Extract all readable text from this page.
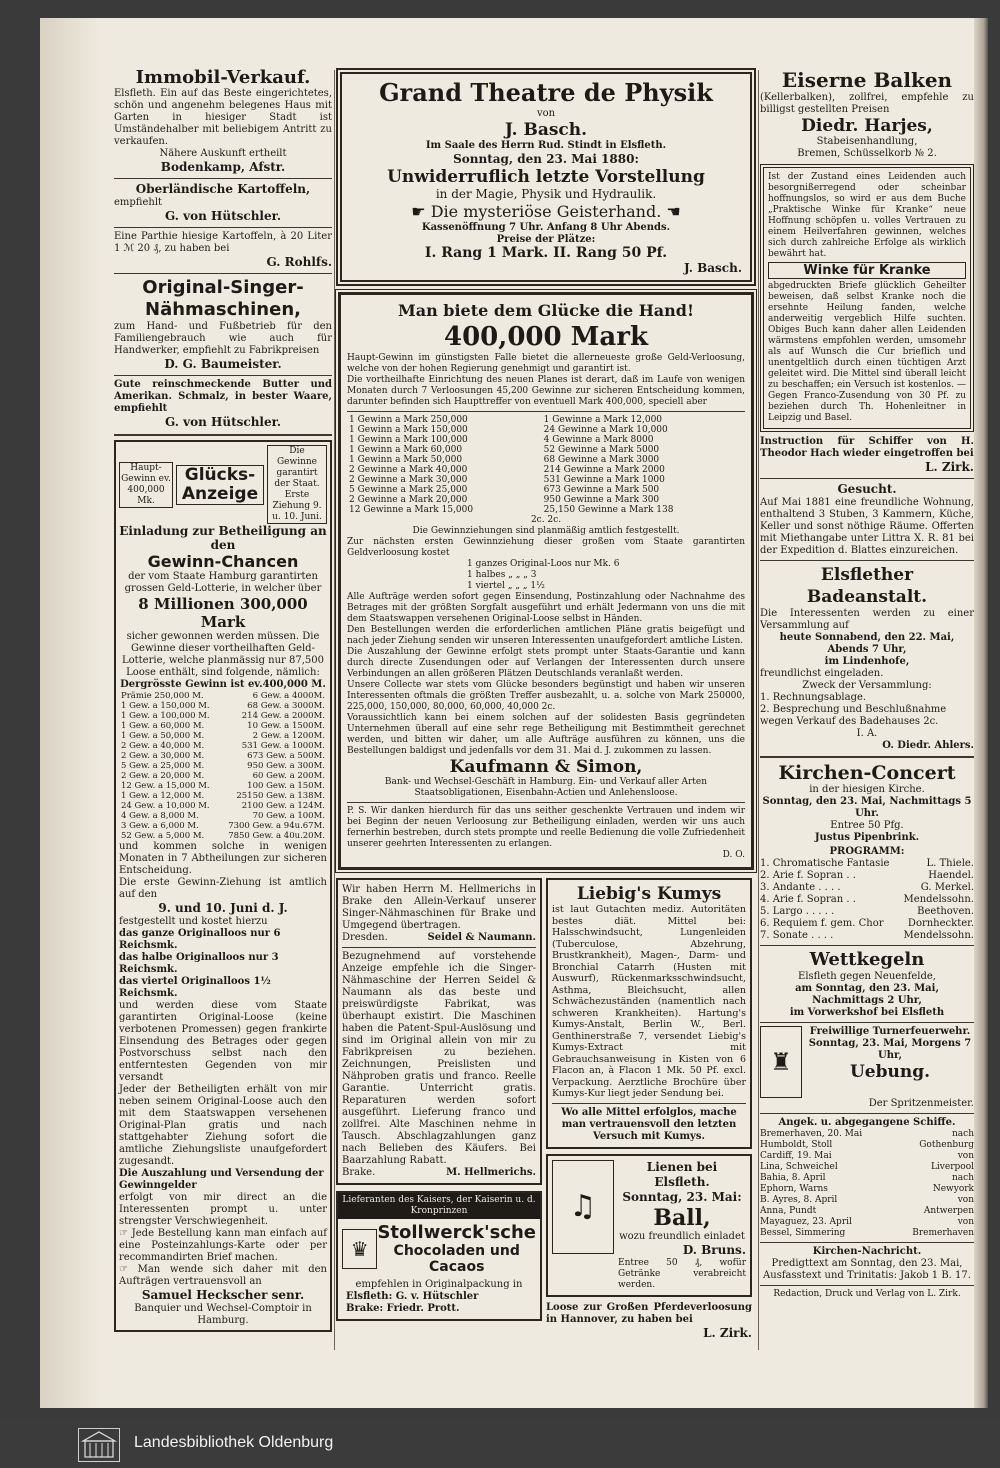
Immobil-Verkauf.
Elsfleth. Ein auf das Beste eingerichtetes, schön und angenehm belegenes Haus mit Garten in hiesiger Stadt ist Umständehalber mit beliebigem Antritt zu verkaufen.
Nähere Auskunft ertheilt
Bodenkamp, Afstr.
Oberländische Kartoffeln,
empfiehlt
G. von Hütschler.
Eine Parthie hiesige Kartoffeln, à 20 Liter 1 ℳ 20 ₰, zu haben bei
G. Rohlfs.
Original-Singer-Nähmaschinen,
zum Hand- und Fußbetrieb für den Familiengebrauch wie auch für Handwerker, empfiehlt zu Fabrikpreisen
D. G. Baumeister.
Gute reinschmeckende Butter und Amerikan. Schmalz, in bester Waare, empfiehlt
G. von Hütschler.
Haupt-Gewinn ev. 400,000 Mk.
Glücks-Anzeige
Die Gewinne garantirt der Staat. Erste Ziehung 9. u. 10. Juni.
Einladung zur Betheiligung an den
Gewinn-Chancen
der vom Staate Hamburg garantirten grossen Geld-Lotterie, in welcher über
8 Millionen 300,000 Mark
sicher gewonnen werden müssen. Die Gewinne dieser vortheilhaften Geld-Lotterie, welche planmässig nur 87,500 Loose enthält, sind folgende, nämlich:
Dergrösste Gewinn ist ev.400,000 M.
Prämie 250,000 M.	6 Gew. a 4000M.
1 Gew. a 150,000 M.	68 Gew. a 3000M.
1 Gew. a 100,000 M.	214 Gew. a 2000M.
1 Gew. a 60,000 M.	10 Gew. a 1500M.
1 Gew. a 50,000 M.	2 Gew. a 1200M.
2 Gew. a 40,000 M.	531 Gew. a 1000M.
2 Gew. a 30,000 M.	673 Gew. a 500M.
5 Gew. a 25,000 M.	950 Gew. a 300M.
2 Gew. a 20,000 M.	60 Gew. a 200M.
12 Gew. a 15,000 M.	100 Gew. a 150M.
1 Gew. a 12,000 M.	25150 Gew. a 138M.
24 Gew. a 10,000 M.	2100 Gew. a 124M.
4 Gew. a 8,000 M.	70 Gew. a 100M.
3 Gew. a 6,000 M.	7300 Gew. a 94u.67M.
52 Gew. a 5,000 M.	7850 Gew. a 40u.20M.
und kommen solche in wenigen Monaten in 7 Abtheilungen zur sicheren Entscheidung.
Die erste Gewinn-Ziehung ist amtlich auf den
9. und 10. Juni d. J.
festgestellt und kostet hierzu
das ganze Originalloos nur 6 Reichsmk.
das halbe Originalloos nur 3 Reichsmk.
das viertel Originalloos 1½ Reichsmk.
und werden diese vom Staate garantirten Original-Loose (keine verbotenen Promessen) gegen frankirte Einsendung des Betrages oder gegen Postvorschuss selbst nach den entferntesten Gegenden von mir versandt
Jeder der Betheiligten erhält von mir neben seinem Original-Loose auch den mit dem Staatswappen versehenen Original-Plan gratis und nach stattgehabter Ziehung sofort die amtliche Ziehungsliste unaufgefordert zugesandt.
Die Auszahlung und Versendung der Gewinngelder
erfolgt von mir direct an die Interessenten prompt u. unter strengster Verschwiegenheit.
☞ Jede Bestellung kann man einfach auf eine Posteinzahlungs-Karte oder per recommandirten Brief machen.
☞ Man wende sich daher mit den Aufträgen vertrauensvoll an
Samuel Heckscher senr.
Banquier und Wechsel-Comptoir in Hamburg.
Grand Theatre de Physik
von
J. Basch.
Im Saale des Herrn Rud. Stindt in Elsfleth.
Sonntag, den 23. Mai 1880:
Unwiderruflich letzte Vorstellung
in der Magie, Physik und Hydraulik.
☛ Die mysteriöse Geisterhand. ☚
Kassenöffnung 7 Uhr. Anfang 8 Uhr Abends.
Preise der Plätze:
I. Rang 1 Mark. II. Rang 50 Pf.
J. Basch.
Man biete dem Glücke die Hand!
400,000 Mark
Haupt-Gewinn im günstigsten Falle bietet die allerneueste große Geld-Verloosung, welche von der hohen Regierung genehmigt und garantirt ist.
Die vortheilhafte Einrichtung des neuen Planes ist derart, daß im Laufe von wenigen Monaten durch 7 Verloosungen 45,200 Gewinne zur sicheren Entscheidung kommen, darunter befinden sich Haupttreffer von eventuell Mark 400,000, speciell aber
1 Gewinn a Mark 250,000	1 Gewinne a Mark 12,000
1 Gewinn a Mark 150,000	24 Gewinne a Mark 10,000
1 Gewinn a Mark 100,000	4 Gewinne a Mark 8000
1 Gewinn a Mark 60,000	52 Gewinne a Mark 5000
1 Gewinn a Mark 50,000	68 Gewinne a Mark 3000
2 Gewinne a Mark 40,000	214 Gewinne a Mark 2000
2 Gewinne a Mark 30,000	531 Gewinne a Mark 1000
5 Gewinne a Mark 25,000	673 Gewinne a Mark 500
2 Gewinne a Mark 20,000	950 Gewinne a Mark 300
12 Gewinne a Mark 15,000	25,150 Gewinne a Mark 138
2c. 2c.
Die Gewinnziehungen sind planmäßig amtlich festgestellt.
Zur nächsten ersten Gewinnziehung dieser großen vom Staate garantirten Geldverloosung kostet
1 ganzes Original-Loos nur Mk. 6
1 halbes „ „ „ 3
1 viertel „ „ „ 1½
Alle Aufträge werden sofort gegen Einsendung, Postinzahlung oder Nachnahme des Betrages mit der größten Sorgfalt ausgeführt und erhält Jedermann von uns die mit dem Staatswappen versehenen Original-Loose selbst in Händen.
Den Bestellungen werden die erforderlichen amtlichen Pläne gratis beigefügt und nach jeder Ziehung senden wir unseren Interessenten unaufgefordert amtliche Listen.
Die Auszahlung der Gewinne erfolgt stets prompt unter Staats-Garantie und kann durch directe Zusendungen oder auf Verlangen der Interessenten durch unsere Verbindungen an allen größeren Plätzen Deutschlands veranlaßt werden.
Unsere Collecte war stets vom Glücke besonders begünstigt und haben wir unseren Interessenten oftmals die größten Treffer ausbezahlt, u. a. solche von Mark 250000, 225,000, 150,000, 80,000, 60,000, 40,000 2c.
Voraussichtlich kann bei einem solchen auf der solidesten Basis gegründeten Unternehmen überall auf eine sehr rege Betheiligung mit Bestimmtheit gerechnet werden, und bitten wir daher, um alle Aufträge ausführen zu können, uns die Bestellungen baldigst und jedenfalls vor dem 31. Mai d. J. zukommen zu lassen.
Kaufmann & Simon,
Bank- und Wechsel-Geschäft in Hamburg. Ein- und Verkauf aller Arten Staatsobligationen, Eisenbahn-Actien und Anlehensloose.
P. S. Wir danken hierdurch für das uns seither geschenkte Vertrauen und indem wir bei Beginn der neuen Verloosung zur Betheiligung einladen, werden wir uns auch fernerhin bestreben, durch stets prompte und reelle Bedienung die volle Zufriedenheit unserer geehrten Interessenten zu erlangen.
D. O.
Wir haben Herrn M. Hellmerichs in Brake den Allein-Verkauf unserer Singer-Nähmaschinen für Brake und Umgegend übertragen.
Dresden.	Seidel & Naumann.
Bezugnehmend auf vorstehende Anzeige empfehle ich die Singer-Nähmaschine der Herren Seidel & Naumann als das beste und preiswürdigste Fabrikat, was überhaupt existirt. Die Maschinen haben die Patent-Spul-Auslösung und sind im Original allein von mir zu Fabrikpreisen zu beziehen. Zeichnungen, Preislisten und Nähproben gratis und franco. Reelle Garantie. Unterricht gratis. Reparaturen werden sofort ausgeführt. Lieferung franco und zollfrei. Alte Maschinen nehme in Tausch. Abschlagzahlungen ganz nach Belieben des Käufers. Bei Baarzahlung Rabatt.
Brake.	M. Hellmerichs.
Lieferanten des Kaisers, der Kaiserin u. d. Kronprinzen
♛
Stollwerck'sche
Chocoladen und Cacaos
empfehlen in Originalpackung in
Elsfleth: G. v. Hütschler
Brake: Friedr. Prott.
Liebig's Kumys
ist laut Gutachten mediz. Autoritäten bestes diät. Mittel bei: Halsschwindsucht, Lungenleiden (Tuberculose, Abzehrung, Brustkrankheit), Magen-, Darm- und Bronchial Catarrh (Husten mit Auswurf), Rückenmarksschwindsucht, Asthma, Bleichsucht, allen Schwächezuständen (namentlich nach schweren Krankheiten). Hartung's Kumys-Anstalt, Berlin W., Berl. Genthinerstraße 7, versendet Liebig's Kumys-Extract mit Gebrauchsanweisung in Kisten von 6 Flacon an, à Flacon 1 Mk. 50 Pf. excl. Verpackung. Aerztliche Brochüre über Kumys-Kur liegt jeder Sendung bei.
Wo alle Mittel erfolglos, mache man vertrauensvoll den letzten Versuch mit Kumys.
♫
Lienen bei Elsfleth.
Sonntag, 23. Mai:
Ball,
wozu freundlich einladet
D. Bruns.
Entree 50 ₰, wofür Getränke verabreicht werden.
Loose zur Großen Pferdeverloosung in Hannover, zu haben bei
L. Zirk.
Eiserne Balken
(Kellerbalken), zollfrei, empfehle zu billigst gestellten Preisen
Diedr. Harjes,
Stabeisenhandlung,
Bremen, Schüsselkorb № 2.
Ist der Zustand eines Leidenden auch besorgnißerregend oder scheinbar hoffnungslos, so wird er aus dem Buche „Praktische Winke für Kranke“ neue Hoffnung schöpfen u. volles Vertrauen zu einem Heilverfahren gewinnen, welches sich durch zahlreiche Erfolge als wirklich bewährt hat.
Winke für Kranke
abgedruckten Briefe glücklich Geheilter beweisen, daß selbst Kranke noch die ersehnte Heilung fanden, welche anderweitig vergeblich Hilfe suchten. Obiges Buch kann daher allen Leidenden wärmstens empfohlen werden, umsomehr als auf Wunsch die Cur brieflich und unentgeltlich durch einen tüchtigen Arzt geleitet wird. Die Mittel sind überall leicht zu beschaffen; ein Versuch ist kostenlos. — Gegen Franco-Zusendung von 30 Pf. zu beziehen durch Th. Hohenleitner in Leipzig und Basel.
Instruction für Schiffer von H. Theodor Hach wieder eingetroffen bei
L. Zirk.
Gesucht.
Auf Mai 1881 eine freundliche Wohnung, enthaltend 3 Stuben, 3 Kammern, Küche, Keller und sonst nöthige Räume. Offerten mit Miethangabe unter Littra X. R. 81 bei der Expedition d. Blattes einzureichen.
Elsflether Badeanstalt.
Die Interessenten werden zu einer Versammlung auf
heute Sonnabend, den 22. Mai, Abends 7 Uhr,
im Lindenhofe,
freundlichst eingeladen.
Zweck der Versammlung:
1. Rechnungsablage.
2. Besprechung und Beschlußnahme wegen Verkauf des Badehauses 2c.
I. A.
O. Diedr. Ahlers.
Kirchen-Concert
in der hiesigen Kirche.
Sonntag, den 23. Mai, Nachmittags 5 Uhr.
Entree 50 Pfg.
Justus Pipenbrink.
PROGRAMM:
1. Chromatische Fantasie	L. Thiele.
2. Arie f. Sopran . .	Haendel.
3. Andante . . . .	G. Merkel.
4. Arie f. Sopran . .	Mendelssohn.
5. Largo . . . . .	Beethoven.
6. Requiem f. gem. Chor Dornheckter.
7. Sonate . . . .	Mendelssohn.
Wettkegeln
Elsfleth gegen Neuenfelde,
am Sonntag, den 23. Mai, Nachmittags 2 Uhr,
im Vorwerkshof bei Elsfleth
♜
Freiwillige Turnerfeuerwehr.
Sonntag, 23. Mai, Morgens 7 Uhr,
Uebung.
Der Spritzenmeister.
Angek. u. abgegangene Schiffe.
Bremerhaven, 20. Mai	nach
Humboldt, Stoll	Gothenburg
Cardiff, 19. Mai	von
Lina, Schweichel	Liverpool
Bahia, 8. April	nach
Ephorn, Warns	Newyork
B. Ayres, 8. April	von
Anna, Pundt	Antwerpen
Mayaguez, 23. April	von
Bessel, Simmering	Bremerhaven
Kirchen-Nachricht.
Predigttext am Sonntag, den 23. Mai, Ausfasstext und Trinitatis: Jakob 1 B. 17.
Redaction, Druck und Verlag von L. Zirk.
Landesbibliothek Oldenburg
